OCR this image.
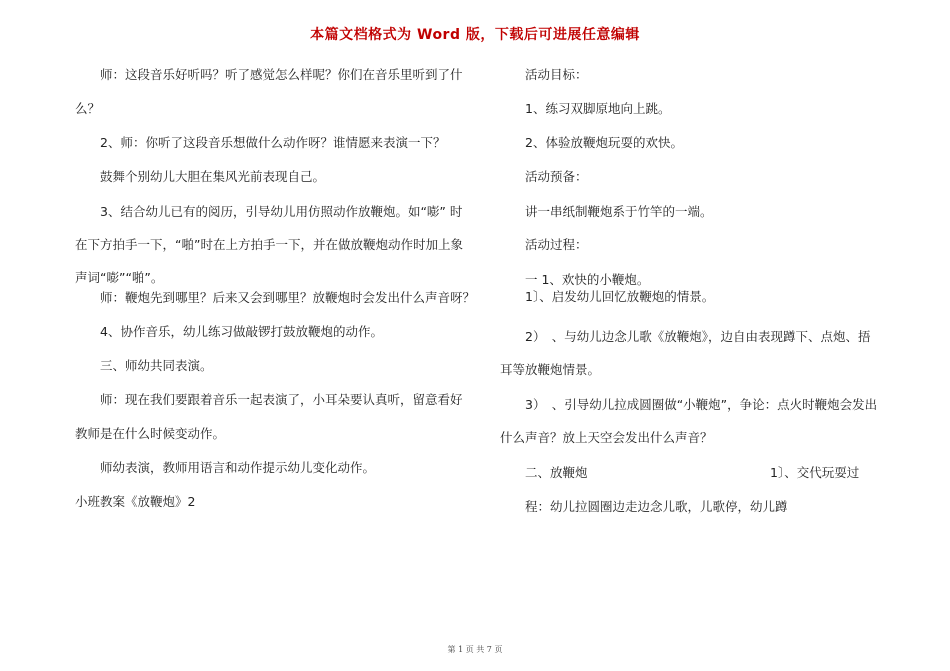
本篇文档格式为 Word 版，下载后可进展任意编辑
　　师：这段音乐好听吗？听了感觉怎么样呢？你们在音乐里听到了什
么？
　　2、师：你听了这段音乐想做什么动作呀？谁情愿来表演一下？
　　鼓舞个别幼儿大胆在集风光前表现自己。
　　3、结合幼儿已有的阅历，引导幼儿用仿照动作放鞭炮。如“嘭” 时
在下方拍手一下，“啪”时在上方拍手一下，并在做放鞭炮动作时加上象
声词“嘭”“啪”。
　　师：鞭炮先到哪里？后来又会到哪里？放鞭炮时会发出什么声音呀？
　　4、协作音乐，幼儿练习做敲锣打鼓放鞭炮的动作。
　　三、师幼共同表演。
　　师：现在我们要跟着音乐一起表演了，小耳朵要认真听，留意看好
教师是在什么时候变动作。
　　师幼表演，教师用语言和动作提示幼儿变化动作。
小班教案《放鞭炮》2
　　活动目标：
　　1、练习双脚原地向上跳。
　　2、体验放鞭炮玩耍的欢快。
　　活动预备：
　　讲一串纸制鞭炮系于竹竿的一端。
　　活动过程：
　　一 1、欢快的小鞭炮。
　　1〕、启发幼儿回忆放鞭炮的情景。
　　2）　、与幼儿边念儿歌《放鞭炮》，边自由表现蹲下、点炮、捂
耳等放鞭炮情景。
　　3）　、引导幼儿拉成圆圈做“小鞭炮”，争论：点火时鞭炮会发出
什么声音？放上天空会发出什么声音？
　　二、放鞭炮	1〕、交代玩耍过
　　程：幼儿拉圆圈边走边念儿歌，儿歌停，幼儿蹲
第 1 页 共 7 页
